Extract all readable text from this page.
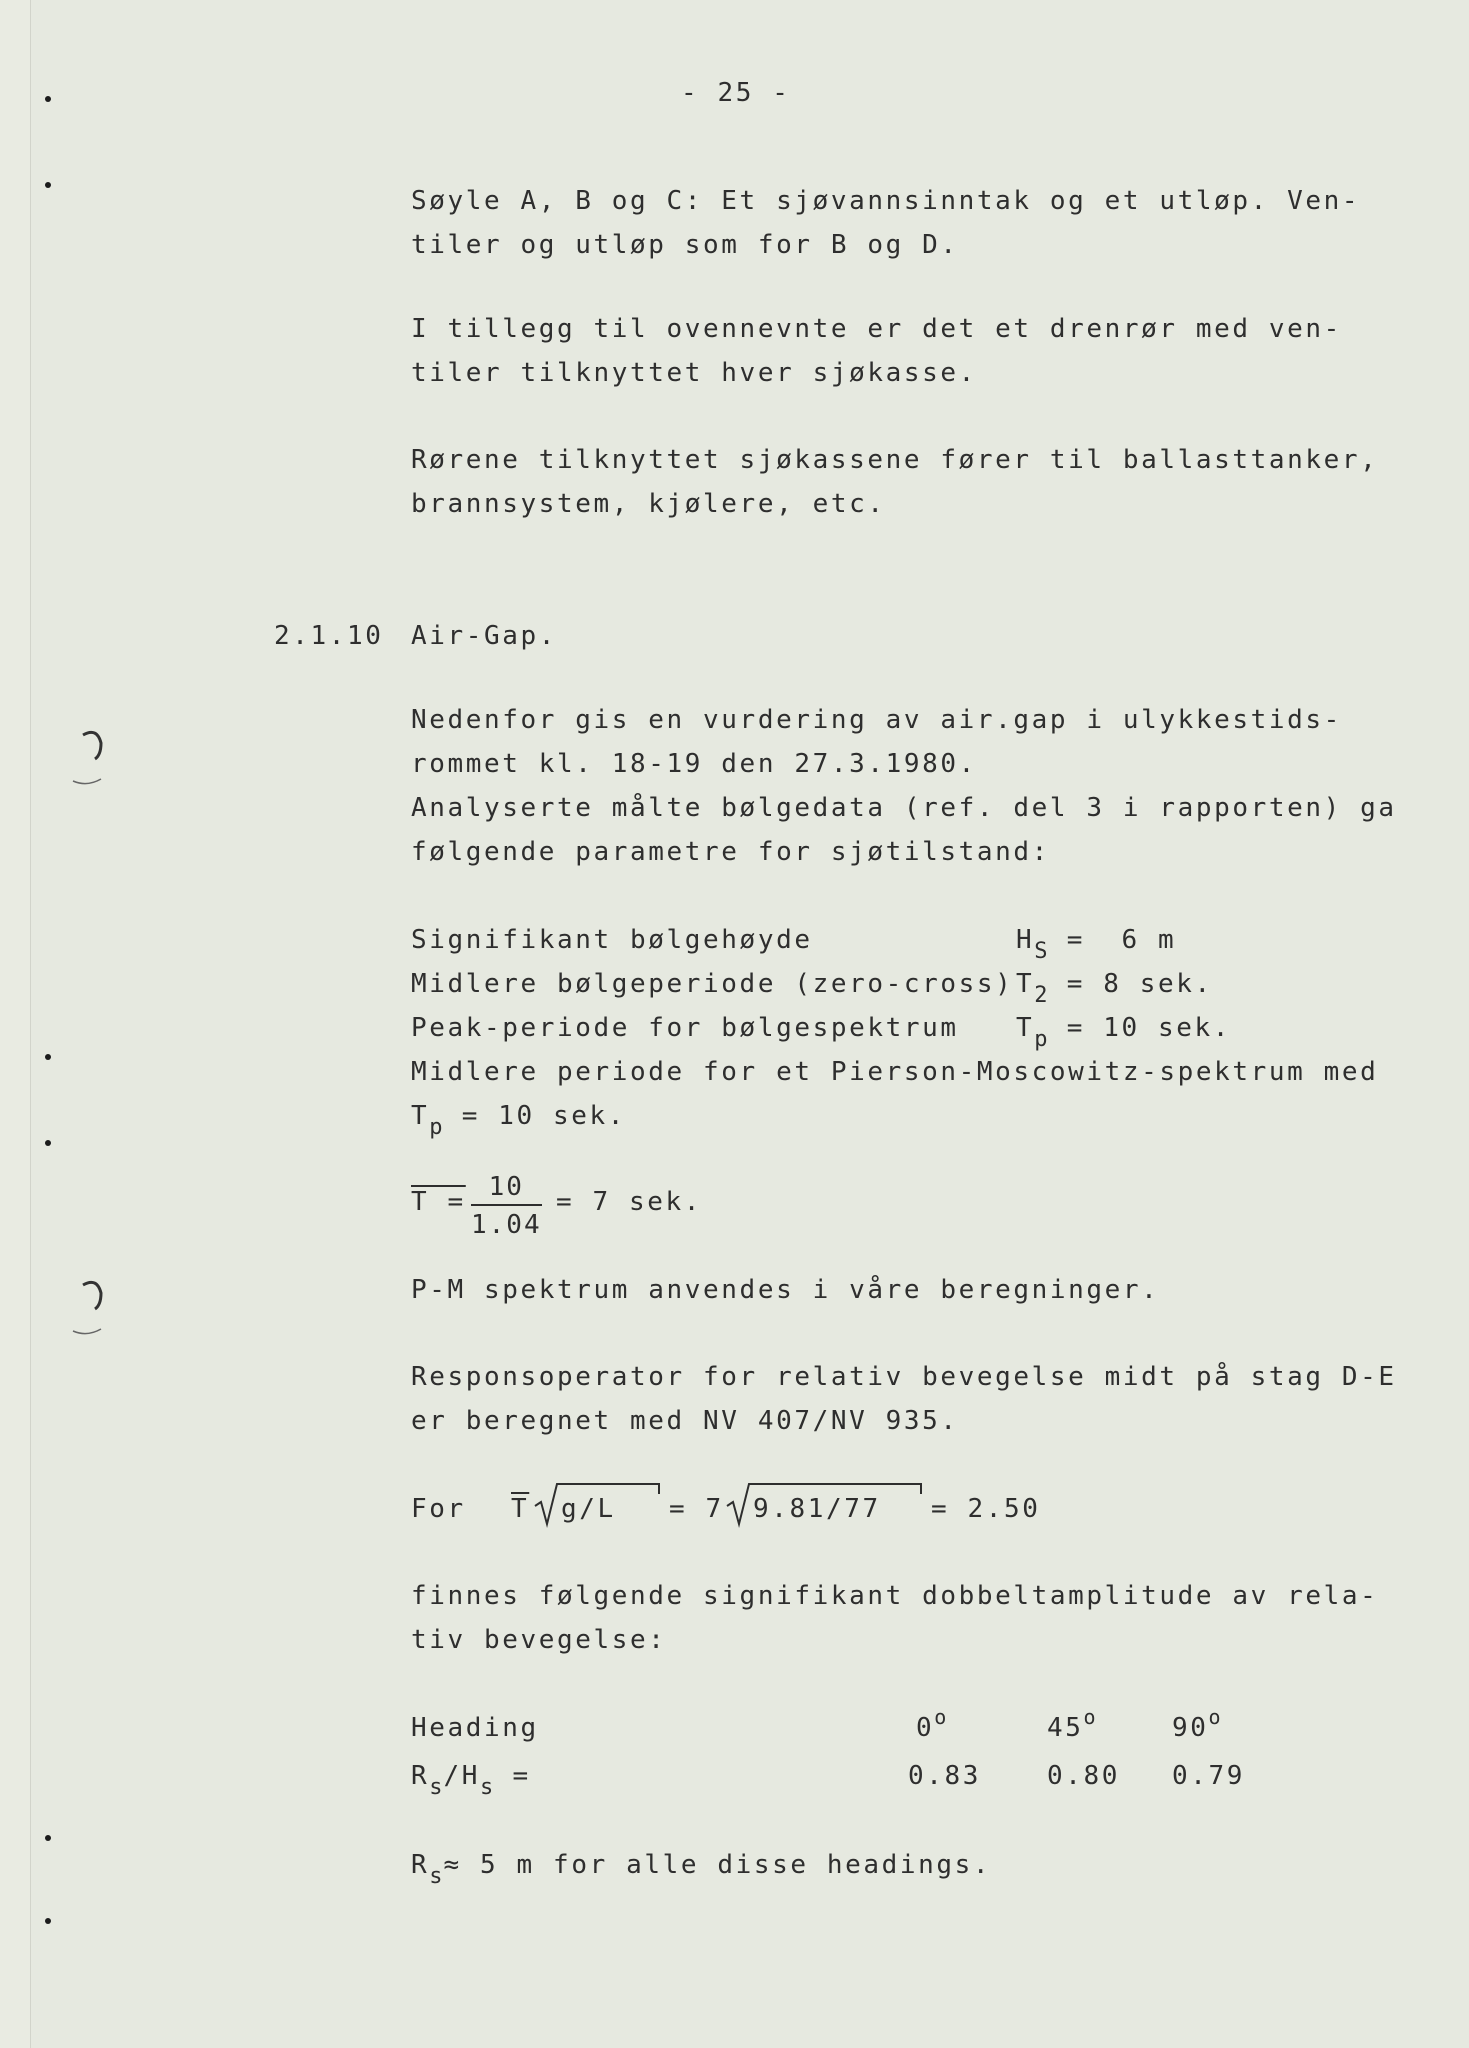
- 25 -
Søyle A, B og C: Et sjøvannsinntak og et utløp. Ven-
tiler og utløp som for B og D.
I tillegg til ovennevnte er det et drenrør med ven-
tiler tilknyttet hver sjøkasse.
Rørene tilknyttet sjøkassene fører til ballasttanker,
brannsystem, kjølere, etc.
2.1.10 Air-Gap.
Nedenfor gis en vurdering av air.gap i ulykkestids-
rommet kl. 18-19 den 27.3.1980.
Analyserte målte bølgedata (ref. del 3 i rapporten) ga
følgende parametre for sjøtilstand:
Signifikant bølgehøyde	$H_S = 6$ m
Midlere bølgeperiode (zero-cross) $T_2 = 8$ sek.
Peak-periode for bølgespektrum $T_p = 10$ sek.
Midlere periode for et Pierson-Moscowitz-spektrum med
$T_p = 10$ sek.
$T = \frac{10}{1.04} = 7$ sek.
P-M spektrum anvendes i våre beregninger.
Responsoperator for relativ bevegelse midt på stag D-E
er beregnet med NV 407/NV 935.
For $\overline{T}$ g/L = 7 9.81/77 = 2.50
finnes følgende signifikant dobbeltamplitude av rela-
tiv bevegelse:
Heading	0$^o$	45$^o$	90$^o$
$R_s/H_s$ =	0.83	0.80 0.79
$R_s\approx 5$ m for alle disse headings.
